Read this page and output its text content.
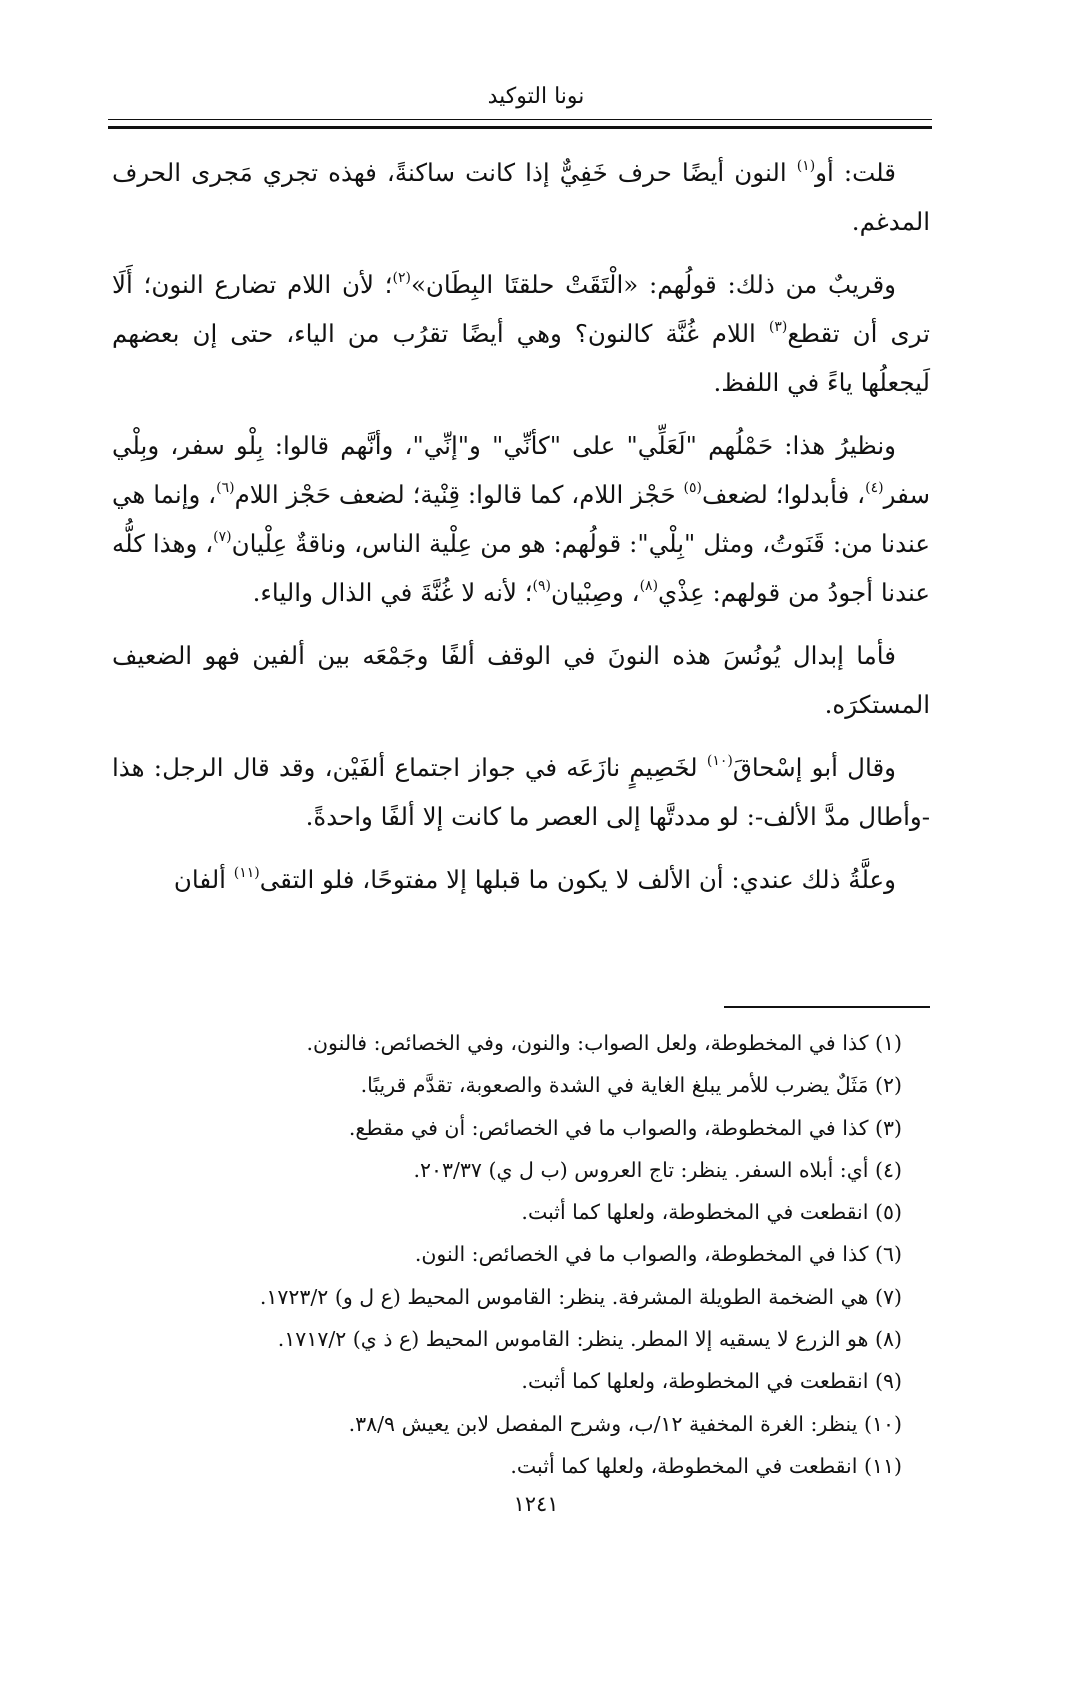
نونا التوكيد

قلت: أو$^{(١)}$ النون أيضًا حرف خَفِيٌّ إذا كانت ساكنةً، فهذه تجري مَجرى الحرف المدغم.

وقريبٌ من ذلك: قولُهم: «الْتَقَتْ حلقتَا البِطَان»$^{(٢)}$؛ لأن اللام تضارع النون؛ أَلَا ترى أن تقطع$^{(٣)}$ اللام غُنَّة كالنون؟ وهي أيضًا تقرُب من الياء، حتى إن بعضهم لَيجعلُها ياءً في اللفظ.

ونظيرُ هذا: حَمْلُهم "لَعَلِّي" على "كأنِّي" و"إنِّي"، وأنَّهم قالوا: بِلْو سفر، وبِلْي سفر$^{(٤)}$، فأبدلوا؛ لضعف$^{(٥)}$ حَجْز اللام، كما قالوا: قِنْية؛ لضعف حَجْز اللام$^{(٦)}$، وإنما هي عندنا من: قَنَوتُ، ومثل "بِلْي": قولُهم: هو من عِلْية الناس، وناقةٌ عِلْيان$^{(٧)}$، وهذا كلُّه عندنا أجودُ من قولهم: عِذْي$^{(٨)}$، وصِبْيان$^{(٩)}$؛ لأنه لا غُنَّةَ في الذال والياء.

فأما إبدال يُونُسَ هذه النونَ في الوقف ألفًا وجَمْعَه بين ألفين فهو الضعيف المستكرَه.

وقال أبو إسْحاقَ$^{(١٠)}$ لخَصِيمٍ نازَعَه في جواز اجتماع ألفَيْن، وقد قال الرجل: هذا -وأطال مدَّ الألف-: لو مددتَّها إلى العصر ما كانت إلا ألفًا واحدةً.

وعلَّةُ ذلك عندي: أن الألف لا يكون ما قبلها إلا مفتوحًا، فلو التقى$^{(١١)}$ ألفان

(١) كذا في المخطوطة، ولعل الصواب: والنون، وفي الخصائص: فالنون.
(٢) مَثَلٌ يضرب للأمر يبلغ الغاية في الشدة والصعوبة، تقدَّم قريبًا.
(٣) كذا في المخطوطة، والصواب ما في الخصائص: أن في مقطع.
(٤) أي: أبلاه السفر. ينظر: تاج العروس (ب ل ي) ٢٠٣/٣٧.
(٥) انقطعت في المخطوطة، ولعلها كما أثبت.
(٦) كذا في المخطوطة، والصواب ما في الخصائص: النون.
(٧) هي الضخمة الطويلة المشرفة. ينظر: القاموس المحيط (ع ل و) ١٧٢٣/٢.
(٨) هو الزرع لا يسقيه إلا المطر. ينظر: القاموس المحيط (ع ذ ي) ١٧١٧/٢.
(٩) انقطعت في المخطوطة، ولعلها كما أثبت.
(١٠) ينظر: الغرة المخفية ١٢/ب، وشرح المفصل لابن يعيش ٣٨/٩.
(١١) انقطعت في المخطوطة، ولعلها كما أثبت.
١٢٤١
